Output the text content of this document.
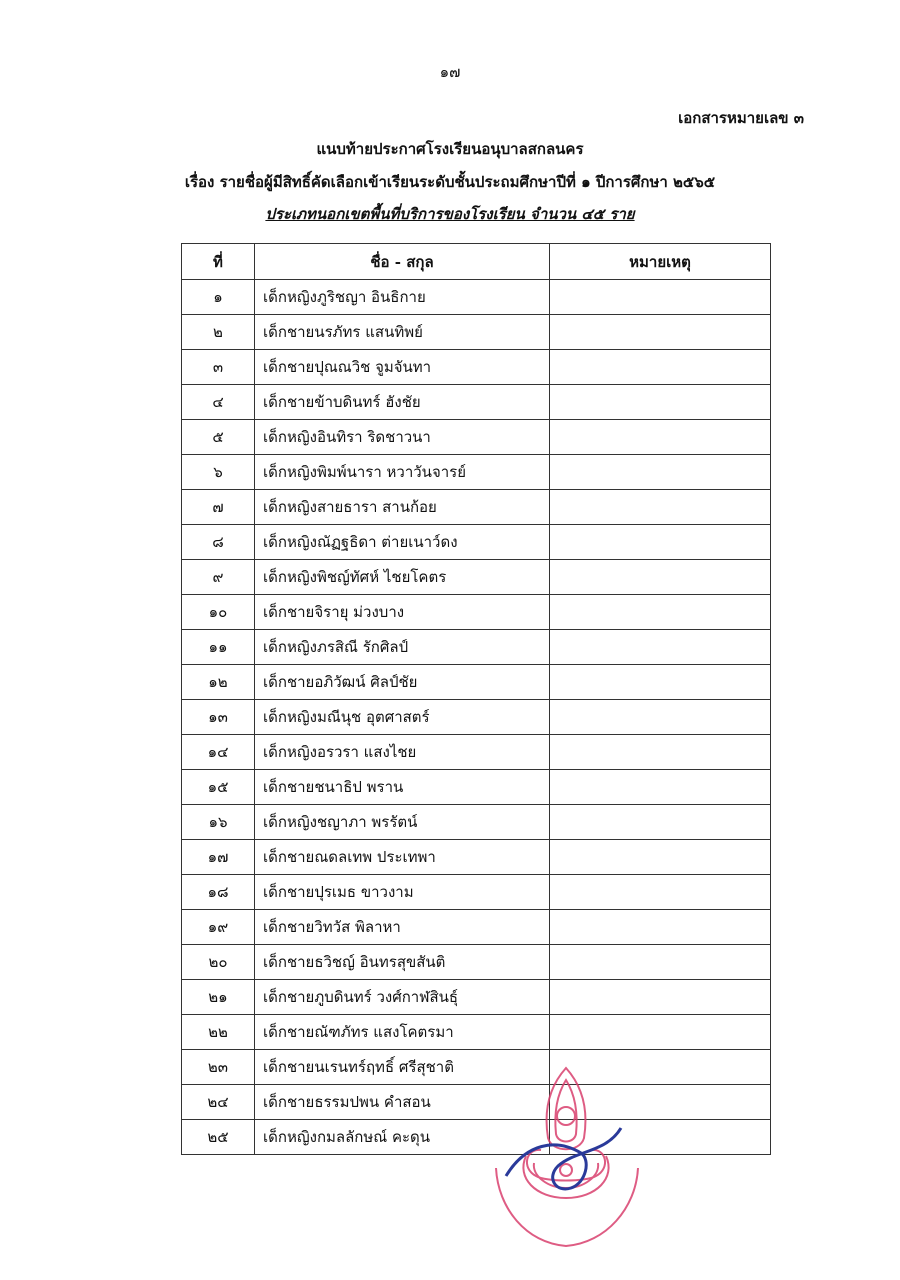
๑๗
เอกสารหมายเลข ๓
แนบท้ายประกาศโรงเรียนอนุบาลสกลนคร
เรื่อง รายชื่อผู้มีสิทธิ์คัดเลือกเข้าเรียนระดับชั้นประถมศึกษาปีที่ ๑ ปีการศึกษา ๒๕๖๕
ประเภทนอกเขตพื้นที่บริการของโรงเรียน จำนวน ๔๕ ราย
ที่	ชื่อ - สกุล	หมายเหตุ
๑	เด็กหญิงภูริชญา อินธิกาย	
๒	เด็กชายนรภัทร แสนทิพย์	
๓	เด็กชายปุณณวิช จูมจันทา	
๔	เด็กชายข้าบดินทร์ ฮังชัย	
๕	เด็กหญิงอินทิรา ริดชาวนา	
๖	เด็กหญิงพิมพ์นารา หวาวันจารย์	
๗	เด็กหญิงสายธารา สานก้อย	
๘	เด็กหญิงณัฏฐธิดา ต่ายเนาว์ดง	
๙	เด็กหญิงพิชญ์ทัศห์ ไชยโคตร	
๑๐	เด็กชายจิรายุ ม่วงบาง	
๑๑	เด็กหญิงภรสิณี รักศิลป์	
๑๒	เด็กชายอภิวัฒน์ ศิลป์ชัย	
๑๓	เด็กหญิงมณีนุช อุตศาสตร์	
๑๔	เด็กหญิงอรวรา แสงไชย	
๑๕	เด็กชายชนาธิป พราน	
๑๖	เด็กหญิงชญาภา พรรัตน์	
๑๗	เด็กชายณดลเทพ ประเทพา	
๑๘	เด็กชายปุรเมธ ขาวงาม	
๑๙	เด็กชายวิทวัส พิลาหา	
๒๐	เด็กชายธวิชญ์ อินทรสุขสันติ	
๒๑	เด็กชายภูบดินทร์ วงศ์กาฬสินธุ์	
๒๒	เด็กชายณัฑภัทร แสงโคตรมา	
๒๓	เด็กชายนเรนทร์ฤทธิ์ ศรีสุชาติ	
๒๔	เด็กชายธรรมปพน คำสอน	
๒๕	เด็กหญิงกมลลักษณ์ คะดุน	
